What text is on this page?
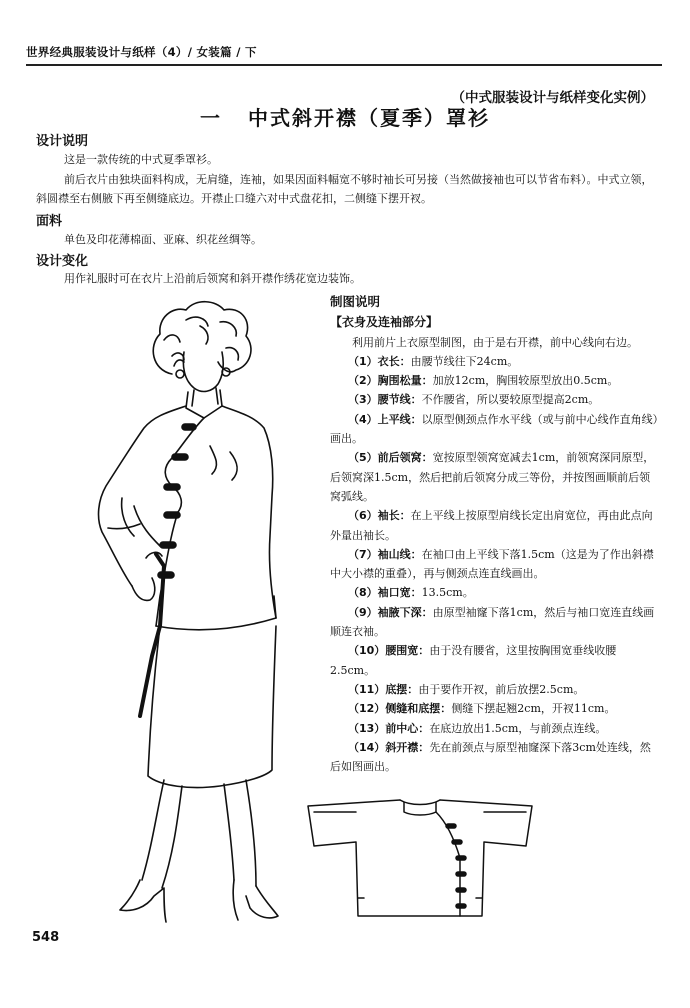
世界经典服装设计与纸样（4）/ 女装篇 / 下
（中式服装设计与纸样变化实例）
一 中式斜开襟（夏季）罩衫
设计说明
这是一款传统的中式夏季罩衫。
前后衣片由独块面料构成，无肩缝，连袖，如果因面料幅宽不够时袖长可另接（当然做接袖也可以节省布料）。中式立领，斜圆襟至右侧腋下再至侧缝底边。开襟止口缝六对中式盘花扣，二侧缝下摆开衩。
面料
单色及印花薄棉面、亚麻、织花丝绸等。
设计变化
用作礼服时可在衣片上沿前后领窝和斜开襟作绣花宽边装饰。
制图说明
【衣身及连袖部分】

利用前片上衣原型制图，由于是右开襟，前中心线向右边。

（1）衣长：由腰节线往下24cm。

（2）胸围松量：加放12cm，胸围较原型放出0.5cm。

（3）腰节线：不作腰省，所以要较原型提高2cm。

（4）上平线：以原型侧颈点作水平线（或与前中心线作直角线）画出。

（5）前后领窝：宽按原型领窝宽减去1cm，前领窝深同原型，后领窝深1.5cm，然后把前后领窝分成三等份，并按图画顺前后领窝弧线。

（6）袖长：在上平线上按原型肩线长定出肩宽位，再由此点向外量出袖长。

（7）袖山线：在袖口由上平线下落1.5cm（这是为了作出斜襟中大小襟的重叠），再与侧颈点连直线画出。

（8）袖口宽：13.5cm。

（9）袖腋下深：由原型袖窿下落1cm，然后与袖口宽连直线画顺连衣袖。

（10）腰围宽：由于没有腰省，这里按胸围宽垂线收腰2.5cm。

（11）底摆：由于要作开衩，前后放摆2.5cm。

（12）侧缝和底摆：侧缝下摆起翘2cm，开衩11cm。

（13）前中心：在底边放出1.5cm，与前颈点连线。

（14）斜开襟：先在前颈点与原型袖窿深下落3cm处连线，然后如图画出。

548
